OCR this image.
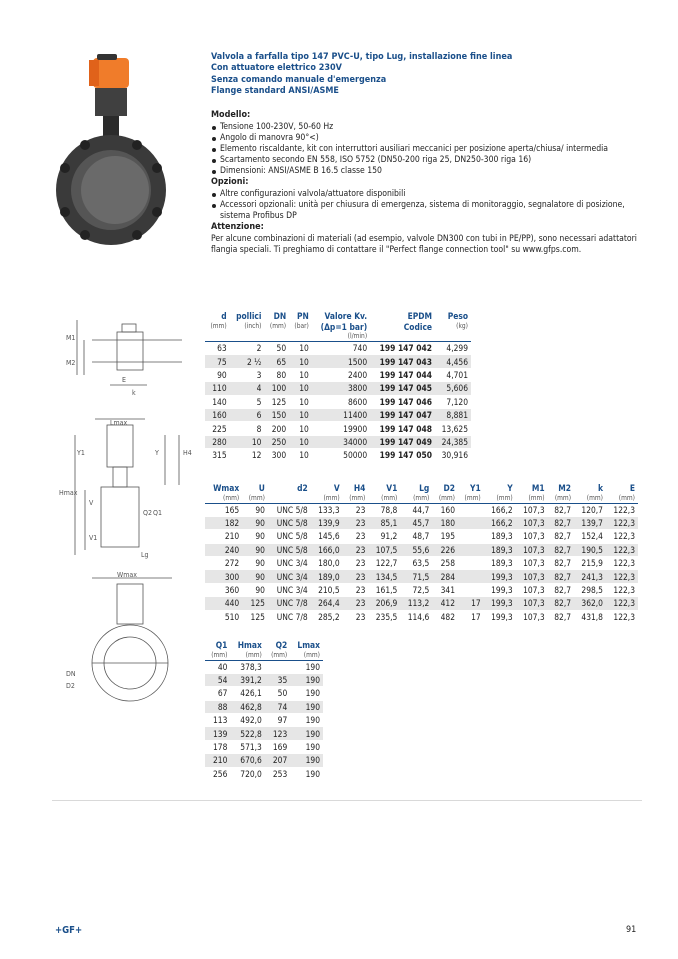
M1
M2
E
k
Lmax
Hmax
Y1	Y	H4
V
V1
Q2 Q1
Lg
Wmax
DN
D2
Valvola a farfalla tipo 147 PVC-U, tipo Lug, installazione fine linea
Con attuatore elettrico 230V
Senza comando manuale d'emergenza
Flange standard ANSI/ASME
Modello:
Tensione 100-230V, 50-60 Hz
Angolo di manovra 90°<)
Elemento riscaldante, kit con interruttori ausiliari meccanici per posizione aperta/chiusa/ intermedia
Scartamento secondo EN 558, ISO 5752 (DN50-200 riga 25, DN250-300 riga 16)
Dimensioni: ANSI/ASME B 16.5 classe 150
Opzioni:
Altre configurazioni valvola/attuatore disponibili
Accessori opzionali: unità per chiusura di emergenza, sistema di monitoraggio, segnalatore di posizione, sistema Profibus DP
Attenzione:

Per alcune combinazioni di materiali (ad esempio, valvole DN300 con tubi in PE/PP), sono necessari adattatori flangia speciali. Ti preghiamo di contattare il "Perfect flange connection tool" su www.gfps.com.

d	pollici	DN	PN	Valore Kv.	EPDM	Peso
(mm)	(inch)	(mm)	(bar)	(Δp=1 bar)	Codice	(kg)
				(l/min)		
63	2	50	10	740	199 147 042	4,299
75	2 ½	65	10	1500	199 147 043	4,456
90	3	80	10	2400	199 147 044	4,701
110	4	100	10	3800	199 147 045	5,606
140	5	125	10	8600	199 147 046	7,120
160	6	150	10	11400	199 147 047	8,881
225	8	200	10	19900	199 147 048	13,625
280	10	250	10	34000	199 147 049	24,385
315	12	300	10	50000	199 147 050	30,916
Wmax	U	d2	V	H4	V1	Lg	D2	Y1	Y	M1	M2	k	E
(mm)	(mm)		(mm)	(mm)	(mm)	(mm)	(mm)	(mm)	(mm)	(mm)	(mm)	(mm)	(mm)
165	90	UNC 5/8	133,3	23	78,8	44,7	160		166,2	107,3	82,7	120,7	122,3
182	90	UNC 5/8	139,9	23	85,1	45,7	180		166,2	107,3	82,7	139,7	122,3
210	90	UNC 5/8	145,6	23	91,2	48,7	195		189,3	107,3	82,7	152,4	122,3
240	90	UNC 5/8	166,0	23	107,5	55,6	226		189,3	107,3	82,7	190,5	122,3
272	90	UNC 3/4	180,0	23	122,7	63,5	258		189,3	107,3	82,7	215,9	122,3
300	90	UNC 3/4	189,0	23	134,5	71,5	284		199,3	107,3	82,7	241,3	122,3
360	90	UNC 3/4	210,5	23	161,5	72,5	341		199,3	107,3	82,7	298,5	122,3
440	125	UNC 7/8	264,4	23	206,9	113,2	412	17	199,3	107,3	82,7	362,0	122,3
510	125	UNC 7/8	285,2	23	235,5	114,6	482	17	199,3	107,3	82,7	431,8	122,3
Q1	Hmax	Q2	Lmax
(mm)	(mm)	(mm)	(mm)
40	378,3		190
54	391,2	35	190
67	426,1	50	190
88	462,8	74	190
113	492,0	97	190
139	522,8	123	190
178	571,3	169	190
210	670,6	207	190
256	720,0	253	190
+GF+	91
